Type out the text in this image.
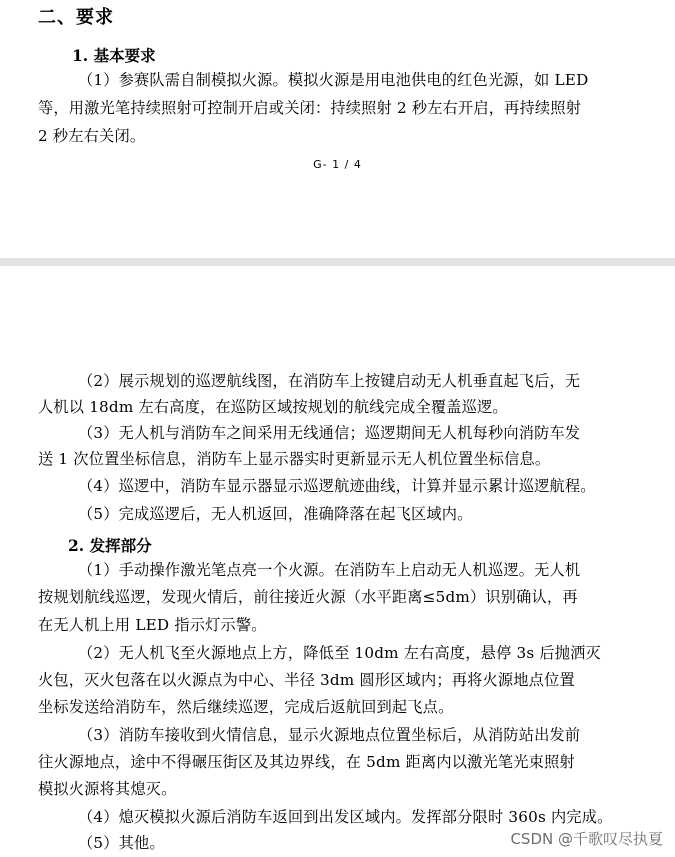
二、要求
1. 基本要求
（1）参赛队需自制模拟火源。模拟火源是用电池供电的红色光源，如 LED
等，用激光笔持续照射可控制开启或关闭：持续照射 2 秒左右开启，再持续照射
2 秒左右关闭。
G- 1 / 4
（2）展示规划的巡逻航线图，在消防车上按键启动无人机垂直起飞后，无
人机以 18dm 左右高度，在巡防区域按规划的航线完成全覆盖巡逻。
（3）无人机与消防车之间采用无线通信；巡逻期间无人机每秒向消防车发
送 1 次位置坐标信息，消防车上显示器实时更新显示无人机位置坐标信息。
（4）巡逻中，消防车显示器显示巡逻航迹曲线，计算并显示累计巡逻航程。
（5）完成巡逻后，无人机返回，准确降落在起飞区域内。
2. 发挥部分
（1）手动操作激光笔点亮一个火源。在消防车上启动无人机巡逻。无人机
按规划航线巡逻，发现火情后，前往接近火源（水平距离≤5dm）识别确认，再
在无人机上用 LED 指示灯示警。
（2）无人机飞至火源地点上方，降低至 10dm 左右高度，悬停 3s 后抛洒灭
火包，灭火包落在以火源点为中心、半径 3dm 圆形区域内；再将火源地点位置
坐标发送给消防车，然后继续巡逻，完成后返航回到起飞点。
（3）消防车接收到火情信息，显示火源地点位置坐标后，从消防站出发前
往火源地点，途中不得碾压街区及其边界线，在 5dm 距离内以激光笔光束照射
模拟火源将其熄灭。
（4）熄灭模拟火源后消防车返回到出发区域内。发挥部分限时 360s 内完成。
（5）其他。	CSDN @千歌叹尽执夏
